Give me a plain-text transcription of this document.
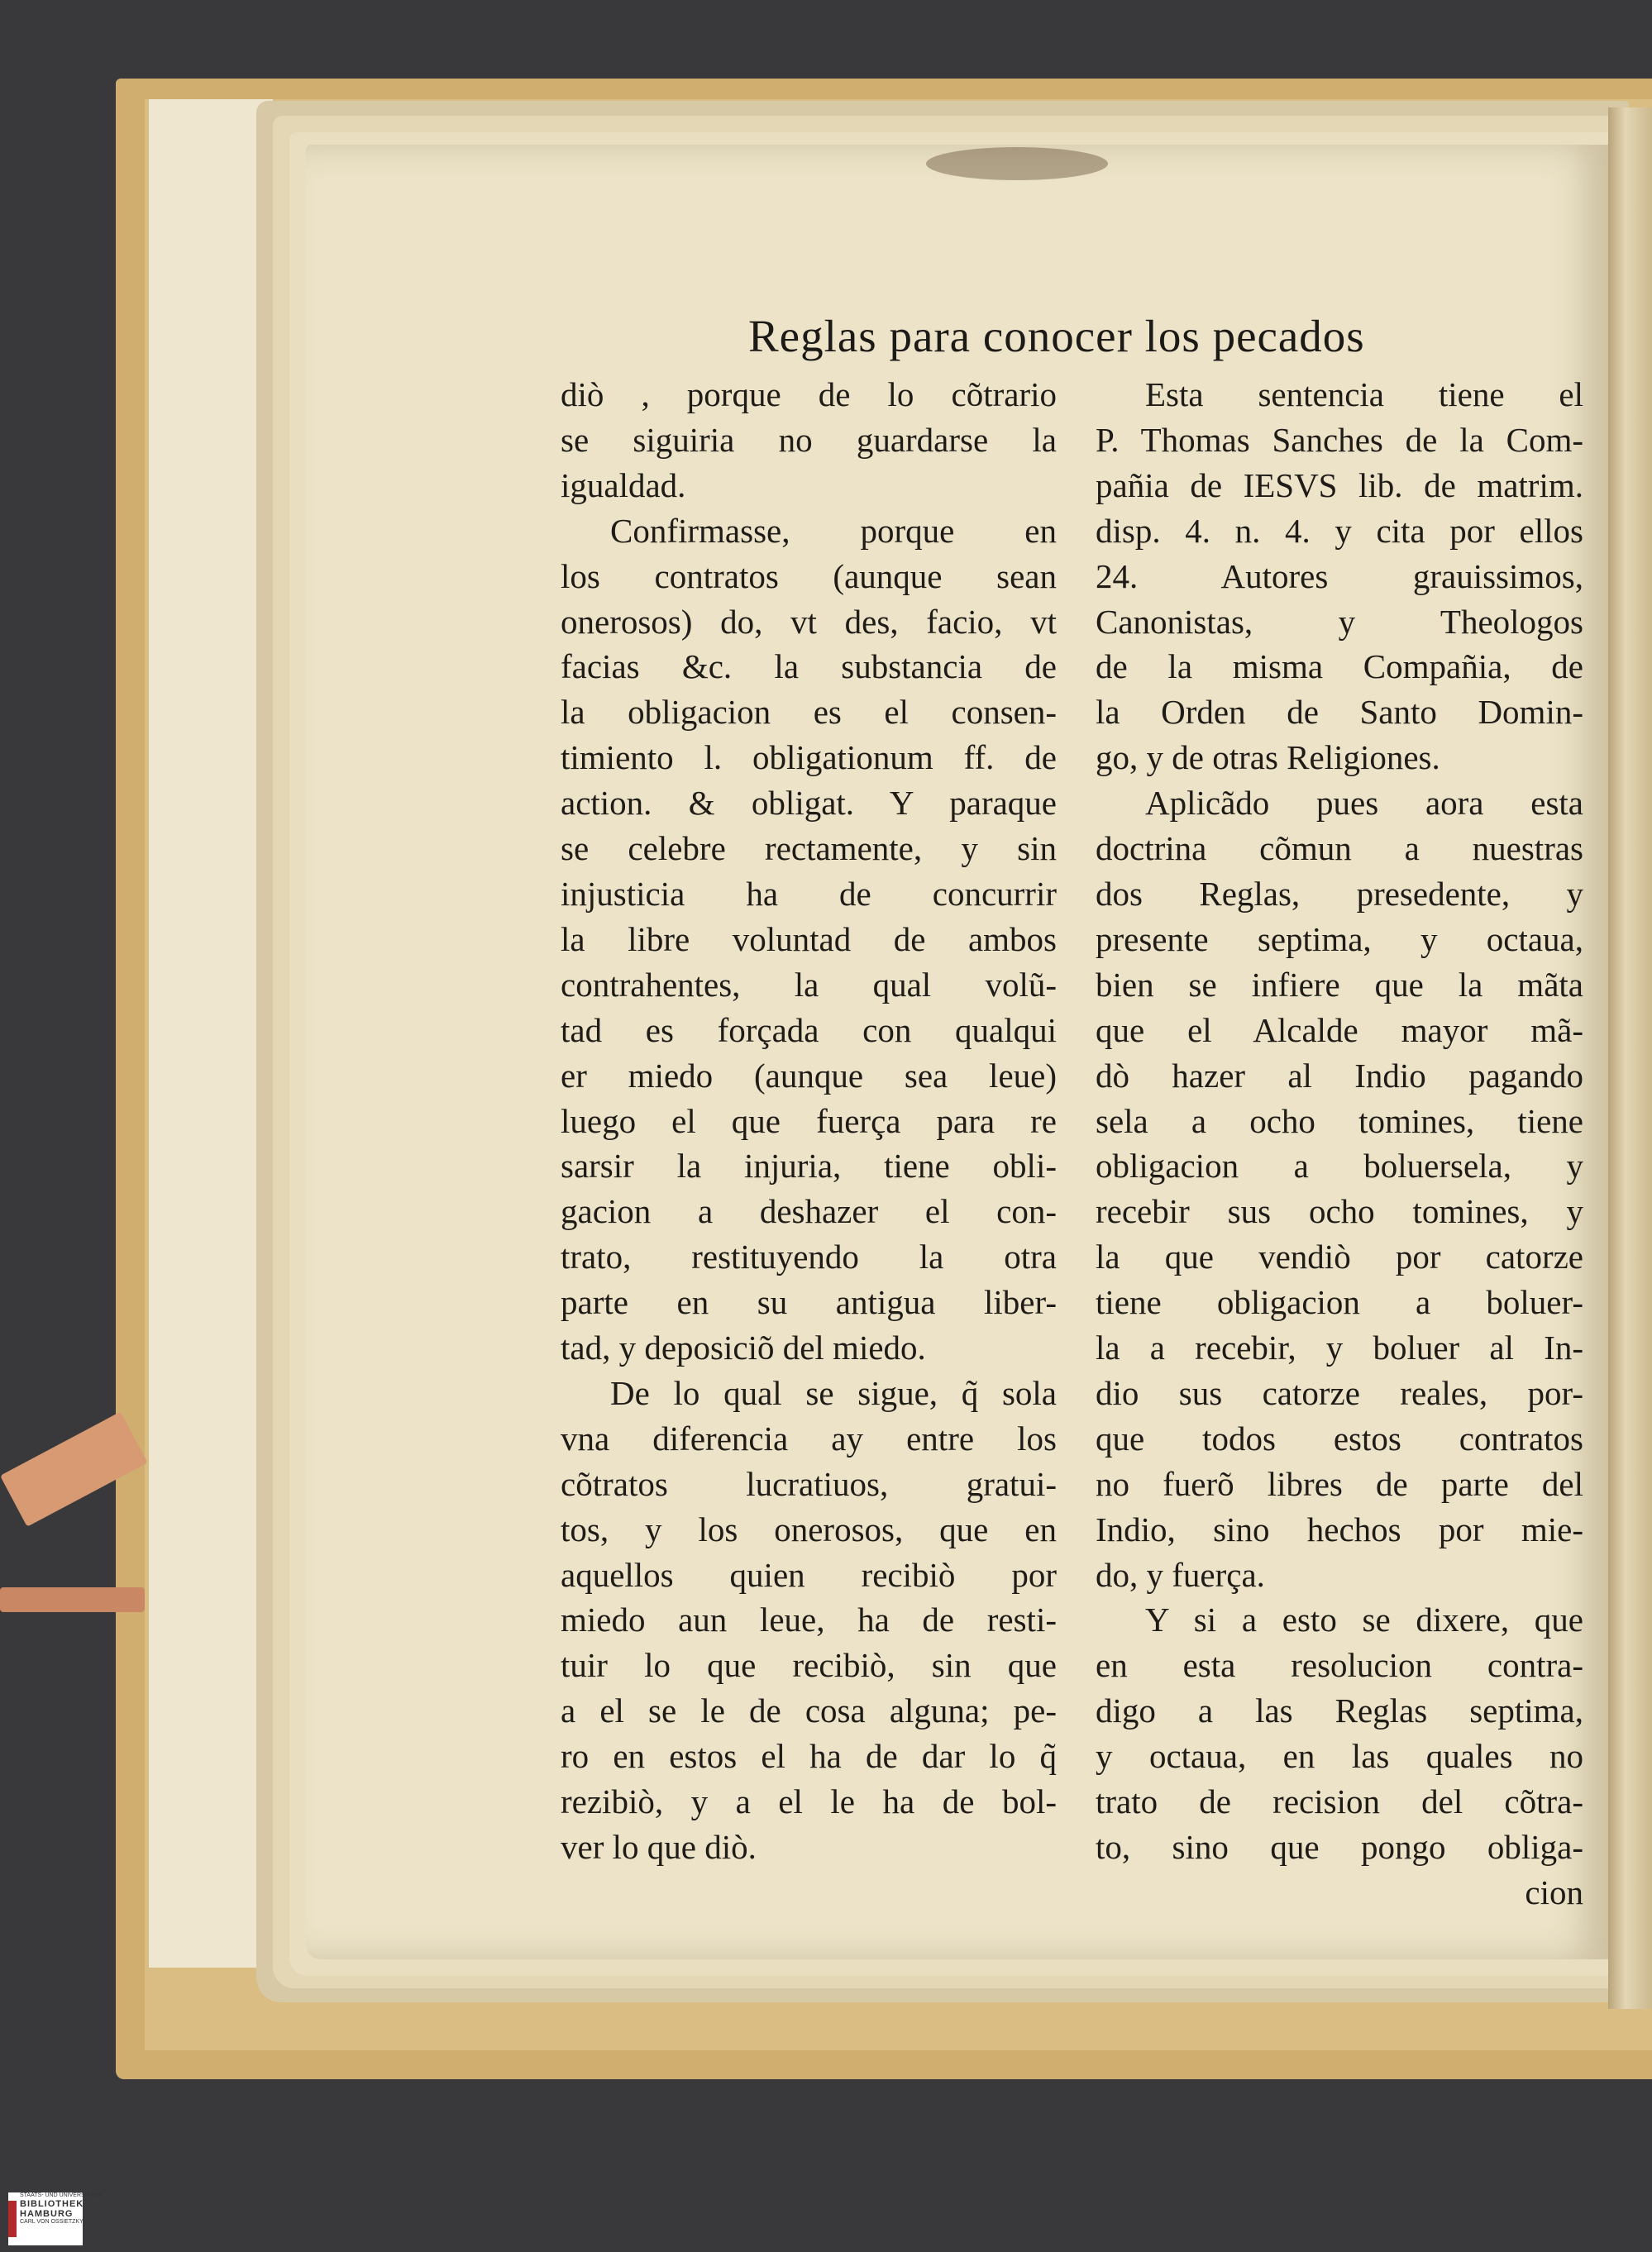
Reglas para conocer los pecados
diò , porque de lo cõtrario
se siguiria no guardarse la
igualdad.
Confirmasse, porque en
los contratos (aunque sean
onerosos) do, vt des, facio, vt
facias &c. la substancia de
la obligacion es el consen-
timiento l. obligationum ff. de
action. & obligat. Y paraque
se celebre rectamente, y sin
injusticia ha de concurrir
la libre voluntad de ambos
contrahentes, la qual volũ-
tad es forçada con qualqui
er miedo (aunque sea leue)
luego el que fuerça para re
sarsir la injuria, tiene obli-
gacion a deshazer el con-
trato, restituyendo la otra
parte en su antigua liber-
tad, y deposiciõ del miedo.
De lo qual se sigue, q̃ sola
vna diferencia ay entre los
cõtratos lucratiuos, gratui-
tos, y los onerosos, que en
aquellos quien recibiò por
miedo aun leue, ha de resti-
tuir lo que recibiò, sin que
a el se le de cosa alguna; pe-
ro en estos el ha de dar lo q̃
rezibiò, y a el le ha de bol-
ver lo que diò.
Esta sentencia tiene el
P. Thomas Sanches de la Com-
pañia de IESVS lib. de matrim.
disp. 4. n. 4. y cita por ellos
24. Autores grauissimos,
Canonistas, y Theologos
de la misma Compañia, de
la Orden de Santo Domin-
go, y de otras Religiones.
Aplicãdo pues aora esta
doctrina cõmun a nuestras
dos Reglas, presedente, y
presente septima, y octaua,
bien se infiere que la mãta
que el Alcalde mayor mã-
dò hazer al Indio pagando
sela a ocho tomines, tiene
obligacion a boluersela, y
recebir sus ocho tomines, y
la que vendiò por catorze
tiene obligacion a boluer-
la a recebir, y boluer al In-
dio sus catorze reales, por-
que todos estos contratos
no fuerõ libres de parte del
Indio, sino hechos por mie-
do, y fuerça.
Y si a esto se dixere, que
en esta resolucion contra-
digo a las Reglas septima,
y octaua, en las quales no
trato de recision del cõtra-
to, sino que pongo obliga-
cion
STAATS- UND UNIVERSITÄTS
BIBLIOTHEK
HAMBURG
CARL VON OSSIETZKY
